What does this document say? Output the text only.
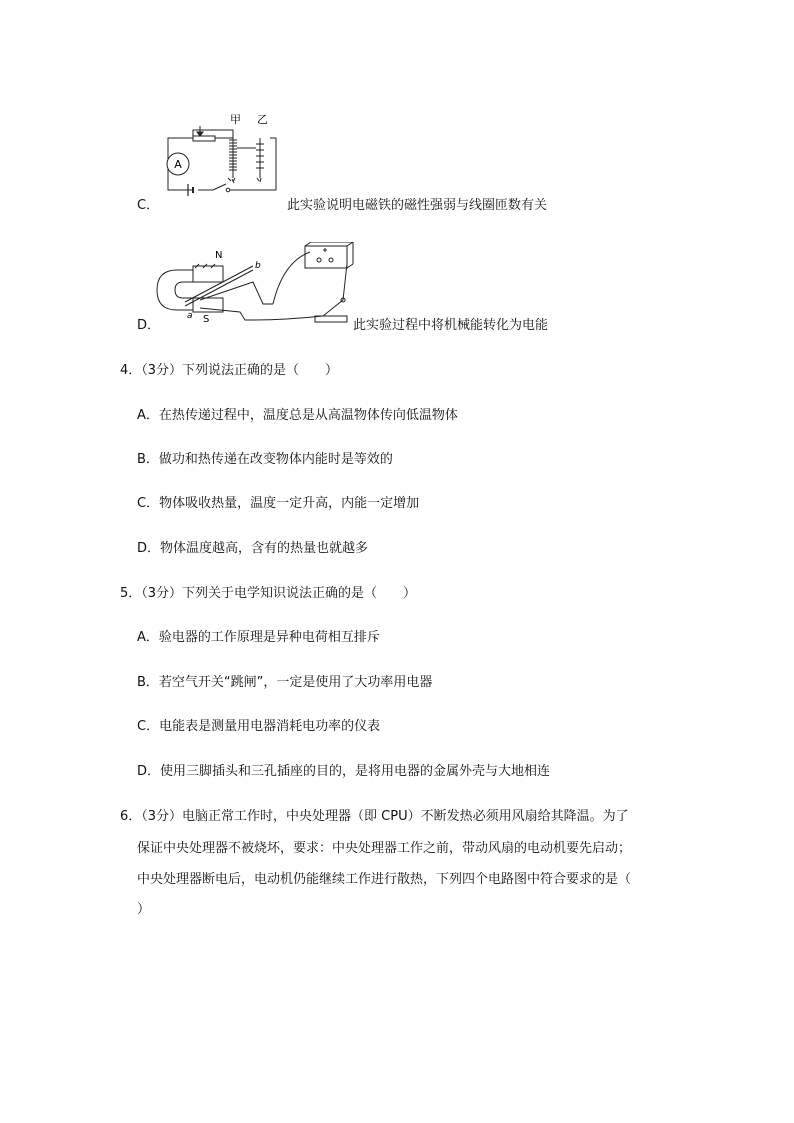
C．
A
甲 乙
此实验说明电磁铁的磁性强弱与线圈匝数有关
D．
N
S
a
b
此实验过程中将机械能转化为电能
4．（3分）下列说法正确的是（　　）
A．在热传递过程中，温度总是从高温物体传向低温物体
B．做功和热传递在改变物体内能时是等效的
C．物体吸收热量，温度一定升高，内能一定增加
D．物体温度越高，含有的热量也就越多
5．（3分）下列关于电学知识说法正确的是（　　）
A．验电器的工作原理是异种电荷相互排斥
B．若空气开关“跳闸”，一定是使用了大功率用电器
C．电能表是测量用电器消耗电功率的仪表
D．使用三脚插头和三孔插座的目的，是将用电器的金属外壳与大地相连
6．（3分）电脑正常工作时，中央处理器（即 CPU）不断发热必须用风扇给其降温。为了
保证中央处理器不被烧坏，要求：中央处理器工作之前，带动风扇的电动机要先启动；
中央处理器断电后，电动机仍能继续工作进行散热，下列四个电路图中符合要求的是（
）
